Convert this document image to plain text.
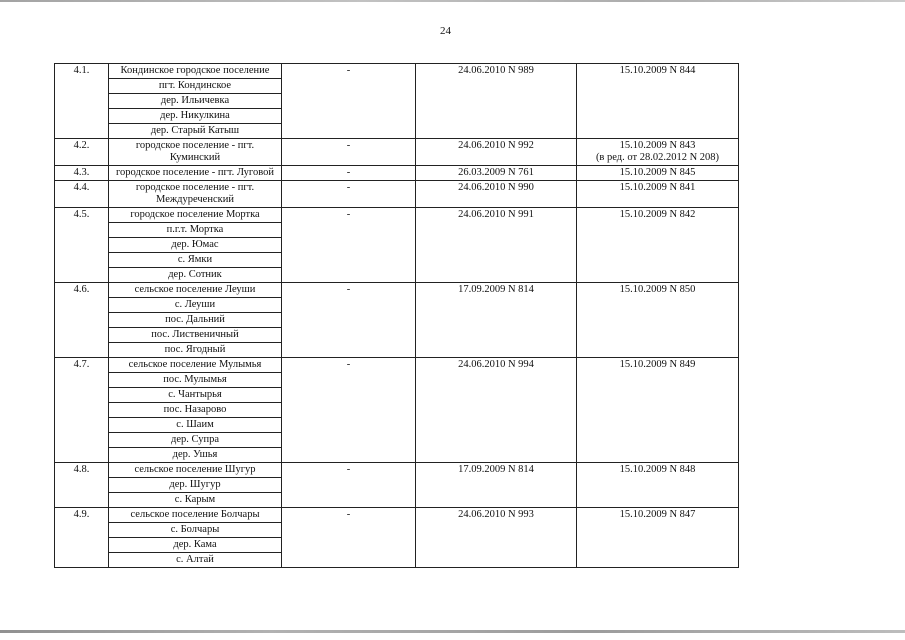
24
4.1.	Кондинское городское поселение	-	24.06.2010 N 989	15.10.2009 N 844

	пгт. Кондинское			
	дер. Ильичевка			
	дер. Никулкина			
	дер. Старый Катыш			
4.2.	городское поселение - пгт. Куминский	-	24.06.2010 N 992	15.10.2009 N 843
(в ред. от 28.02.2012 N 208)

4.3.	городское поселение - пгт. Луговой	-	26.03.2009 N 761	15.10.2009 N 845

4.4.	городское поселение - пгт. Междуреченский	-	24.06.2010 N 990	15.10.2009 N 841

4.5.	городское поселение Мортка	-	24.06.2010 N 991	15.10.2009 N 842

	п.г.т. Мортка			
	дер. Юмас			
	с. Ямки			
	дер. Сотник			
4.6.	сельское поселение Леуши	-	17.09.2009 N 814	15.10.2009 N 850

	с. Леуши			
	пос. Дальний			
	пос. Лиственичный			
	пос. Ягодный			
4.7.	сельское поселение Мулымья	-	24.06.2010 N 994	15.10.2009 N 849

	пос. Мулымья			
	с. Чантырья			
	пос. Назарово			
	с. Шаим			
	дер. Супра			
	дер. Ушья			
4.8.	сельское поселение Шугур	-	17.09.2009 N 814	15.10.2009 N 848

	дер. Шугур			
	с. Карым			
4.9.	сельское поселение Болчары	-	24.06.2010 N 993	15.10.2009 N 847

	с. Болчары			
	дер. Кама			
	с. Алтай			
